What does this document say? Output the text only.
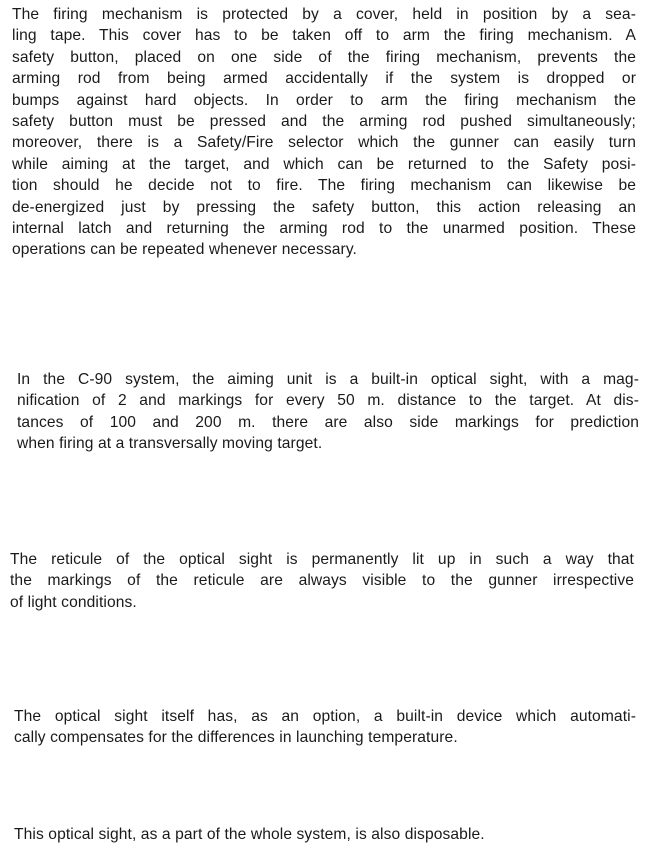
The firing mechanism is protected by a cover, held in position by a sea-
ling tape. This cover has to be taken off to arm the firing mechanism. A
safety button, placed on one side of the firing mechanism, prevents the
arming rod from being armed accidentally if the system is dropped or
bumps against hard objects. In order to arm the firing mechanism the
safety button must be pressed and the arming rod pushed simultaneously;
moreover, there is a Safety/Fire selector which the gunner can easily turn
while aiming at the target, and which can be returned to the Safety posi-
tion should he decide not to fire. The firing mechanism can likewise be
de-energized just by pressing the safety button, this action releasing an
internal latch and returning the arming rod to the unarmed position. These
operations can be repeated whenever necessary.
In the C-90 system, the aiming unit is a built-in optical sight, with a mag-
nification of 2 and markings for every 50 m. distance to the target. At dis-
tances of 100 and 200 m. there are also side markings for prediction
when firing at a transversally moving target.
The reticule of the optical sight is permanently lit up in such a way that
the markings of the reticule are always visible to the gunner irrespective
of light conditions.
The optical sight itself has, as an option, a built-in device which automati-
cally compensates for the differences in launching temperature.
This optical sight, as a part of the whole system, is also disposable.
